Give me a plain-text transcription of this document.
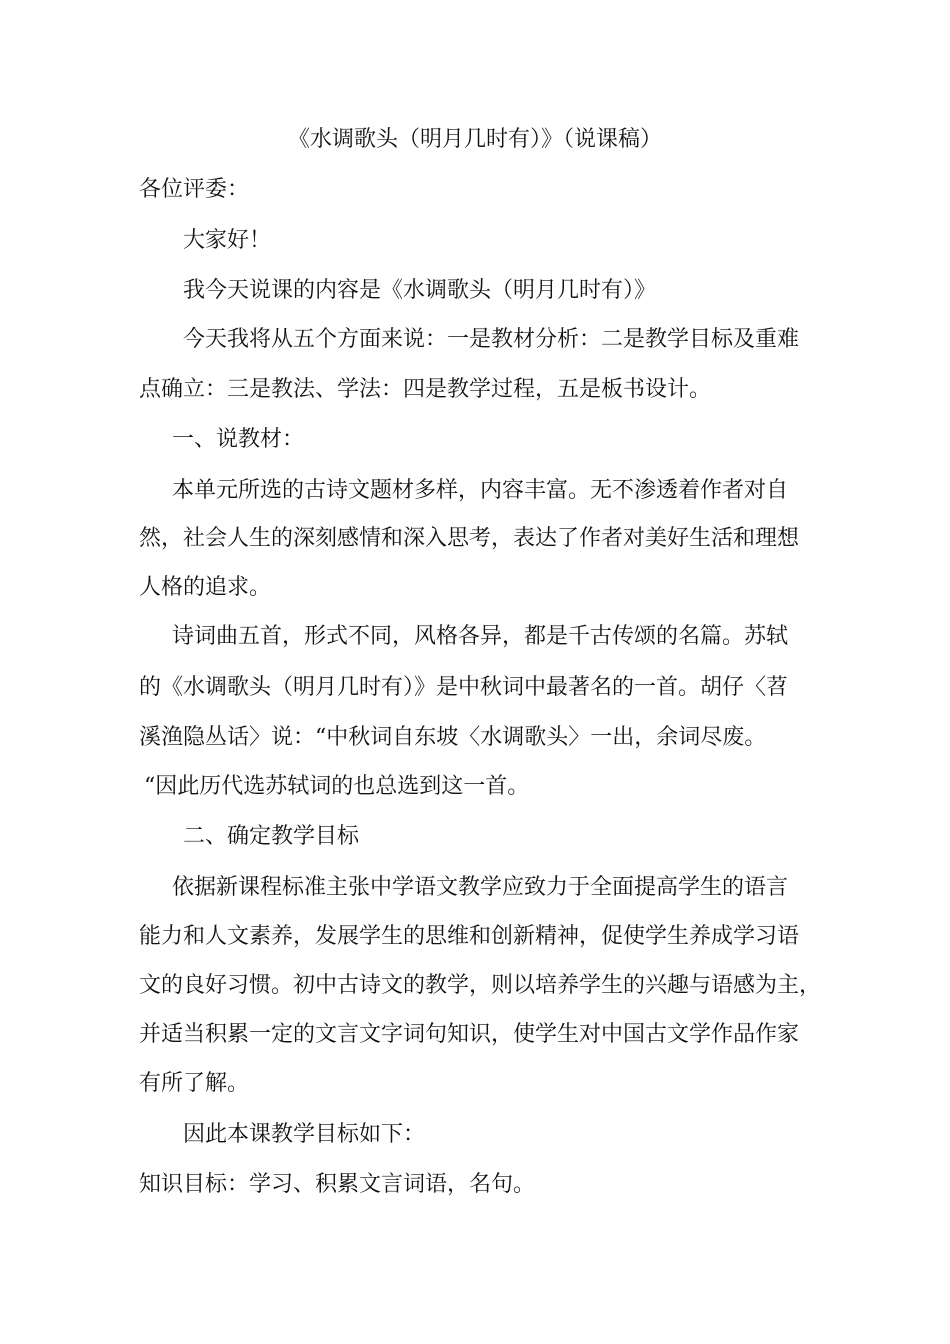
《水调歌头（明月几时有）》（说课稿）
各位评委：
大家好！
我今天说课的内容是《水调歌头（明月几时有）》
今天我将从五个方面来说：一是教材分析：二是教学目标及重难
点确立：三是教法、学法：四是教学过程，五是板书设计。
一、说教材：
本单元所选的古诗文题材多样，内容丰富。无不渗透着作者对自
然，社会人生的深刻感情和深入思考，表达了作者对美好生活和理想
人格的追求。
诗词曲五首，形式不同，风格各异，都是千古传颂的名篇。苏轼
的《水调歌头（明月几时有）》是中秋词中最著名的一首。胡仔〈苕
溪渔隐丛话〉说：“中秋词自东坡〈水调歌头〉一出，余词尽废。
“因此历代选苏轼词的也总选到这一首。
二、确定教学目标
依据新课程标准主张中学语文教学应致力于全面提高学生的语言
能力和人文素养，发展学生的思维和创新精神，促使学生养成学习语
文的良好习惯。初中古诗文的教学，则以培养学生的兴趣与语感为主，
并适当积累一定的文言文字词句知识，使学生对中国古文学作品作家
有所了解。
因此本课教学目标如下：
知识目标：学习、积累文言词语，名句。
